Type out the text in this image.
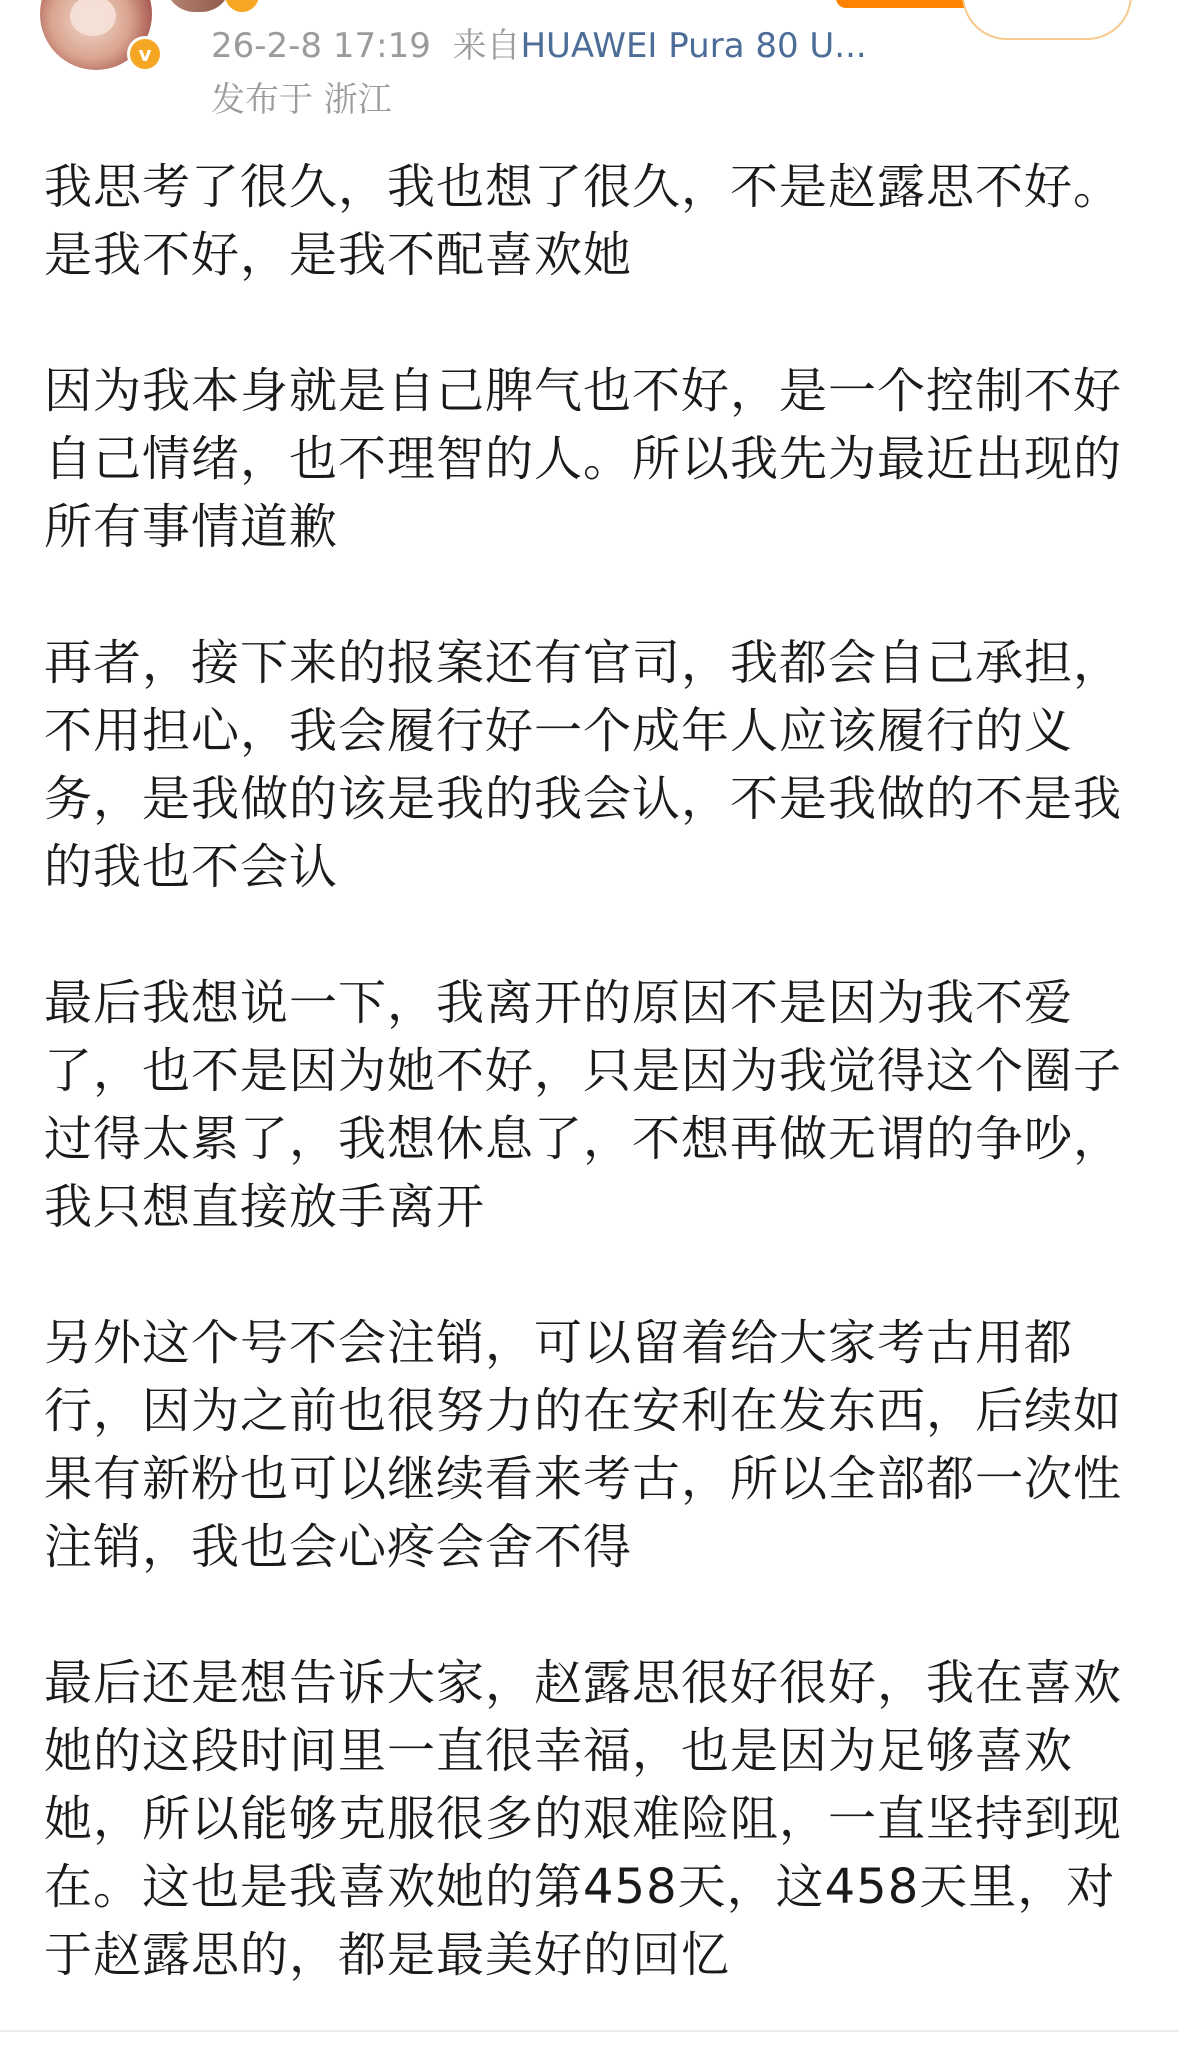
v	26-2-8 17:19 来自HUAWEI Pura 80 U...
发布于 浙江

我思考了很久，我也想了很久，不是赵露思不好。
是我不好，是我不配喜欢她

因为我本身就是自己脾气也不好，是一个控制不好
自己情绪，也不理智的人。所以我先为最近出现的
所有事情道歉

再者，接下来的报案还有官司，我都会自己承担，
不用担心，我会履行好一个成年人应该履行的义
务，是我做的该是我的我会认，不是我做的不是我
的我也不会认

最后我想说一下，我离开的原因不是因为我不爱
了，也不是因为她不好，只是因为我觉得这个圈子
过得太累了，我想休息了，不想再做无谓的争吵，
我只想直接放手离开

另外这个号不会注销，可以留着给大家考古用都
行，因为之前也很努力的在安利在发东西，后续如
果有新粉也可以继续看来考古，所以全部都一次性
注销，我也会心疼会舍不得

最后还是想告诉大家，赵露思很好很好，我在喜欢
她的这段时间里一直很幸福，也是因为足够喜欢
她，所以能够克服很多的艰难险阻，一直坚持到现
在。这也是我喜欢她的第458天，这458天里，对
于赵露思的，都是最美好的回忆
